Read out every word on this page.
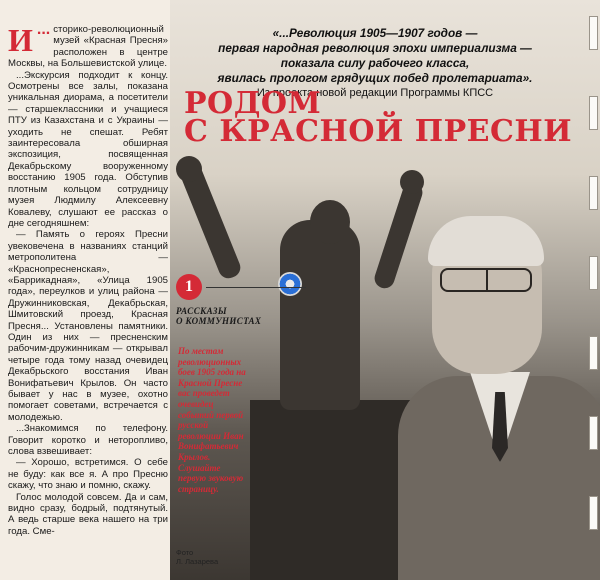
...
И сторико-революционный музей «Красная Пресня» расположен в центре Москвы, на Большевистской улице.

...Экскурсия подходит к концу. Осмотрены все залы, показана уникальная диорама, а посетители — старшеклассники и учащиеся ПТУ из Казахстана и с Украины — уходить не спешат. Ребят заинтересовала обширная экспозиция, посвященная Декабрьскому вооруженному восстанию 1905 года. Обступив плотным кольцом сотрудницу музея Людмилу Алексеевну Ковалеву, слушают ее рассказ о дне сегодняшнем:

— Память о героях Пресни увековечена в названиях станций метрополитена — «Краснопресненская», «Баррикадная», «Улица 1905 года», переулков и улиц района — Дружинниковская, Декабрьская, Шмитовский проезд, Красная Пресня... Установлены памятники. Один из них — пресненским рабочим-дружинникам — открывал четыре года тому назад очевидец Декабрьского восстания Иван Вонифатьевич Крылов. Он часто бывает у нас в музее, охотно помогает советами, встречается с молодежью.

...Знакомимся по телефону. Говорит коротко и неторопливо, слова взвешивает:

— Хорошо, встретимся. О себе не буду: как все я. А про Пресню скажу, что знаю и помню, скажу.

Голос молодой совсем. Да и сам, видно сразу, бодрый, подтянутый. А ведь старше века нашего на три года. Сме-

«...Революция 1905—1907 годов —
первая народная революция эпохи империализма —
показала силу рабочего класса,
явилась прологом грядущих побед пролетариата».
Из проекта новой редакции Программы КПСС
РОДОМ
С КРАСНОЙ ПРЕСНИ
1
РАССКАЗЫ
О КОММУНИСТАХ
По местам революционных боев 1905 года на Красной Пресне вас проведет очевидец событий первой русской революции Иван Вонифатьевич Крылов. Слушайте первую звуковую страницу.
Фото
Л. Лазарева
